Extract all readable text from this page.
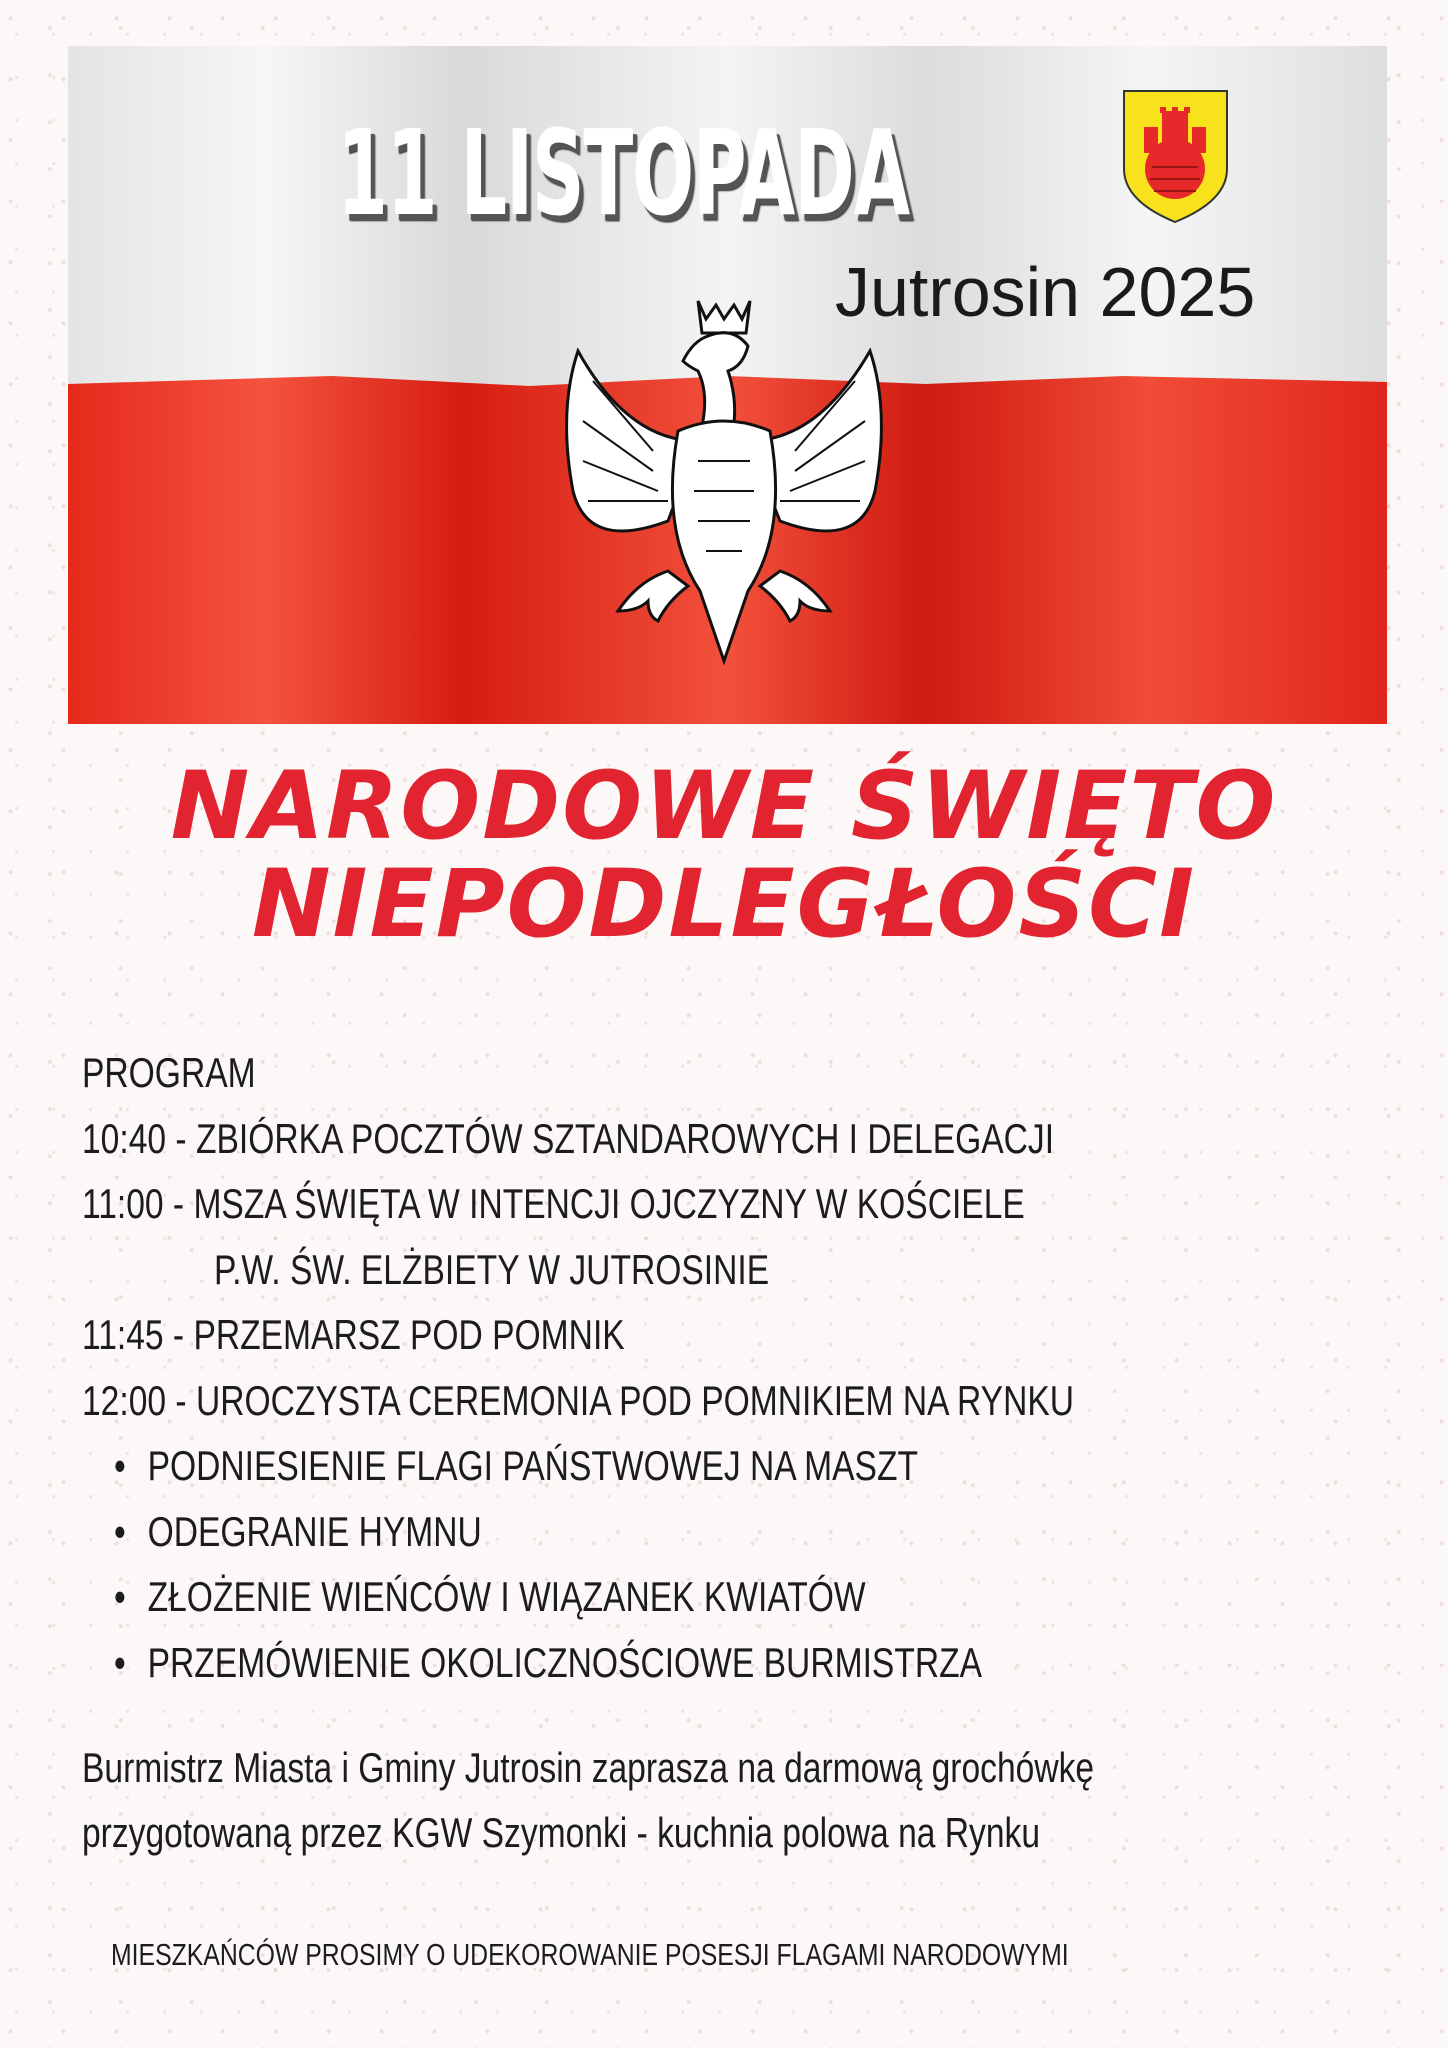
11 LISTOPADA
Jutrosin 2025
NARODOWE ŚWIĘTO
NIEPODLEGŁOŚCI
PROGRAM
10:40 - ZBIÓRKA POCZTÓW SZTANDAROWYCH I DELEGACJI
11:00 - MSZA ŚWIĘTA W INTENCJI OJCZYZNY W KOŚCIELE
P.W. ŚW. ELŻBIETY W JUTROSINIE
11:45 - PRZEMARSZ POD POMNIK
12:00 - UROCZYSTA CEREMONIA POD POMNIKIEM NA RYNKU
• PODNIESIENIE FLAGI PAŃSTWOWEJ NA MASZT
• ODEGRANIE HYMNU
• ZŁOŻENIE WIEŃCÓW I WIĄZANEK KWIATÓW
• PRZEMÓWIENIE OKOLICZNOŚCIOWE BURMISTRZA
Burmistrz Miasta i Gminy Jutrosin zaprasza na darmową grochówkę
przygotowaną przez KGW Szymonki - kuchnia polowa na Rynku
MIESZKAŃCÓW PROSIMY O UDEKOROWANIE POSESJI FLAGAMI NARODOWYMI
